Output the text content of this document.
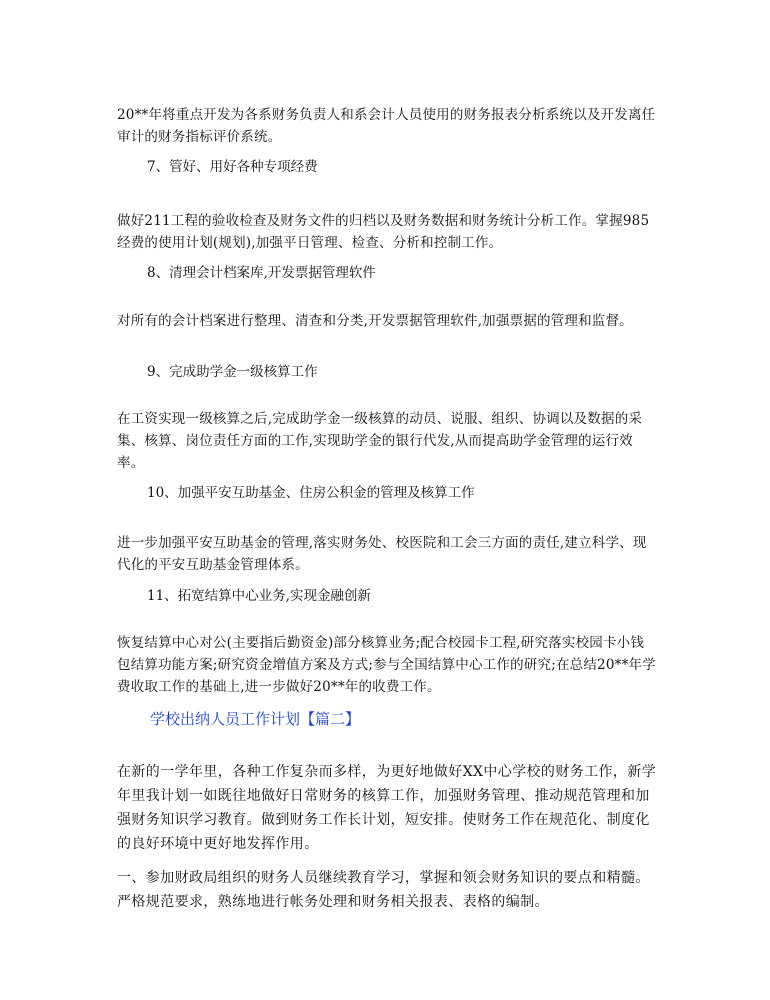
20**年将重点开发为各系财务负责人和系会计人员使用的财务报表分析系统以及开发离任审计的财务指标评价系统。
7、管好、用好各种专项经费
做好211工程的验收检查及财务文件的归档以及财务数据和财务统计分析工作。掌握985经费的使用计划(规划),加强平日管理、检查、分析和控制工作。
8、清理会计档案库,开发票据管理软件
对所有的会计档案进行整理、清查和分类,开发票据管理软件,加强票据的管理和监督。
9、完成助学金一级核算工作
在工资实现一级核算之后,完成助学金一级核算的动员、说服、组织、协调以及数据的采集、核算、岗位责任方面的工作,实现助学金的银行代发,从而提高助学金管理的运行效率。
10、加强平安互助基金、住房公积金的管理及核算工作
进一步加强平安互助基金的管理,落实财务处、校医院和工会三方面的责任,建立科学、现代化的平安互助基金管理体系。
11、拓宽结算中心业务,实现金融创新
恢复结算中心对公(主要指后勤资金)部分核算业务;配合校园卡工程,研究落实校园卡小钱包结算功能方案;研究资金增值方案及方式;参与全国结算中心工作的研究;在总结20**年学费收取工作的基础上,进一步做好20**年的收费工作。
学校出纳人员工作计划【篇二】
在新的一学年里，各种工作复杂而多样，为更好地做好XX中心学校的财务工作，新学年里我计划一如既往地做好日常财务的核算工作，加强财务管理、推动规范管理和加强财务知识学习教育。做到财务工作长计划，短安排。使财务工作在规范化、制度化的良好环境中更好地发挥作用。
一、参加财政局组织的财务人员继续教育学习，掌握和领会财务知识的要点和精髓。严格规范要求，熟练地进行帐务处理和财务相关报表、表格的编制。
